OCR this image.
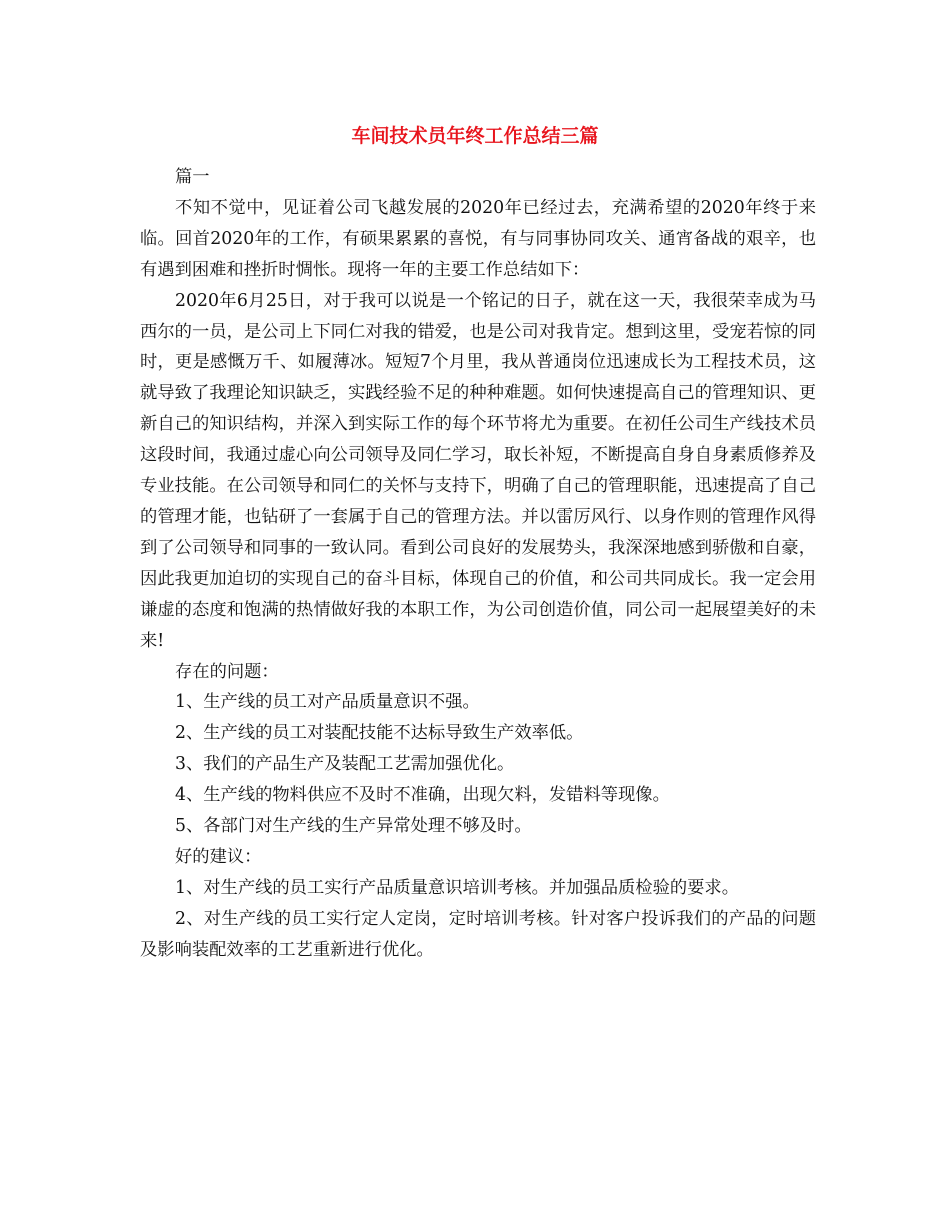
车间技术员年终工作总结三篇

篇一

不知不觉中，见证着公司飞越发展的2020年已经过去，充满希望的2020年终于来临。回首2020年的工作，有硕果累累的喜悦，有与同事协同攻关、通宵备战的艰辛，也有遇到困难和挫折时惆怅。现将一年的主要工作总结如下：

2020年6月25日，对于我可以说是一个铭记的日子，就在这一天，我很荣幸成为马西尔的一员，是公司上下同仁对我的错爱，也是公司对我肯定。想到这里，受宠若惊的同时，更是感慨万千、如履薄冰。短短7个月里，我从普通岗位迅速成长为工程技术员，这就导致了我理论知识缺乏，实践经验不足的种种难题。如何快速提高自己的管理知识、更新自己的知识结构，并深入到实际工作的每个环节将尤为重要。在初任公司生产线技术员这段时间，我通过虚心向公司领导及同仁学习，取长补短，不断提高自身自身素质修养及专业技能。在公司领导和同仁的关怀与支持下，明确了自己的管理职能，迅速提高了自己的管理才能，也钻研了一套属于自己的管理方法。并以雷厉风行、以身作则的管理作风得到了公司领导和同事的一致认同。看到公司良好的发展势头，我深深地感到骄傲和自豪，因此我更加迫切的实现自己的奋斗目标，体现自己的价值，和公司共同成长。我一定会用谦虚的态度和饱满的热情做好我的本职工作，为公司创造价值，同公司一起展望美好的未来!

存在的问题：

1、生产线的员工对产品质量意识不强。

2、生产线的员工对装配技能不达标导致生产效率低。

3、我们的产品生产及装配工艺需加强优化。

4、生产线的物料供应不及时不准确，出现欠料，发错料等现像。

5、各部门对生产线的生产异常处理不够及时。

好的建议：

1、对生产线的员工实行产品质量意识培训考核。并加强品质检验的要求。

2、对生产线的员工实行定人定岗，定时培训考核。针对客户投诉我们的产品的问题及影响装配效率的工艺重新进行优化。
